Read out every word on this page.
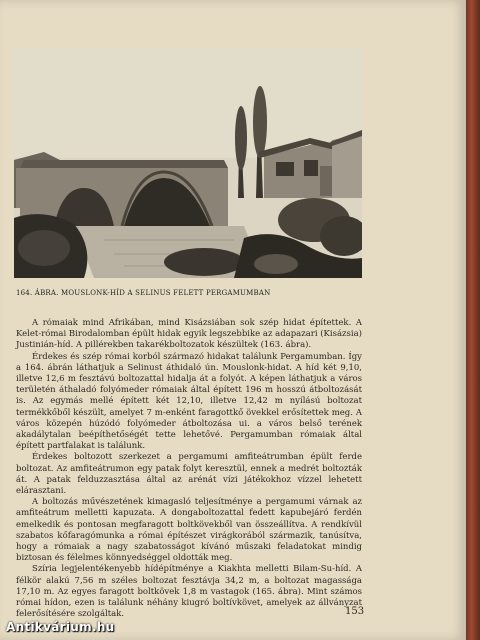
164. ÁBRA. MOUSLONK-HÍD A SELINUS FELETT PERGAMUMBAN

A rómaiak mind Afrikában, mind Kisázsiában sok szép hidat építettek. A Kelet-római Birodalomban épült hidak egyik legszebbike az adapazari (Kisázsia) Justinián-híd. A pillérekben takarékboltozatok készültek (163. ábra).

Érdekes és szép római korból származó hidakat találunk Pergamumban. Így a 164. ábrán láthatjuk a Selinust áthidaló ún. Mouslonk-hidat. A híd két 9,10, illetve 12,6 m fesztávú boltozattal hidalja át a folyót. A képen láthatjuk a város területén áthaladó folyómeder rómaiak által épített 196 m hosszú átboltozását is. Az egymás mellé épített két 12,10, illetve 12,42 m nyílású boltozat termékkőből készült, amelyet 7 m-enként faragottkő övekkel erősítettek meg. A város közepén húzódó folyómeder átboltozása ui. a város belső terének akadálytalan beépíthetőségét tette lehetővé. Pergamumban rómaiak által épített partfalakat is találunk.

Érdekes boltozott szerkezet a pergamumi amfiteátrumban épült ferde boltozat. Az amfiteátrumon egy patak folyt keresztül, ennek a medrét boltozták át. A patak felduzzasztása által az arénát vízi játékokhoz vízzel lehetett elárasztani.

A boltozás művészetének kimagasló teljesítménye a pergamumi várnak az amfiteátrum melletti kapuzata. A dongaboltozattal fedett kapubejáró ferdén emelkedik és pontosan megfaragott boltkövekből van összeállítva. A rendkívül szabatos kőfaragómunka a római építészet virágkorából származik, tanúsítva, hogy a rómaiak a nagy szabatosságot kívánó műszaki feladatokat mindig biztosan és félelmes könnyedséggel oldották meg.

Szíria legjelentékenyebb hídépítménye a Kiakhta melletti Bilam-Su-híd. A félkör alakú 7,56 m széles boltozat fesztávja 34,2 m, a boltozat magassága 17,10 m. Az egyes faragott boltkövek 1,8 m vastagok (165. ábra). Mint számos római hídon, ezen is találunk néhány kiugró boltívkövet, amelyek az állványzat felerősítésére szolgáltak.	153
Antikvárium.hu
